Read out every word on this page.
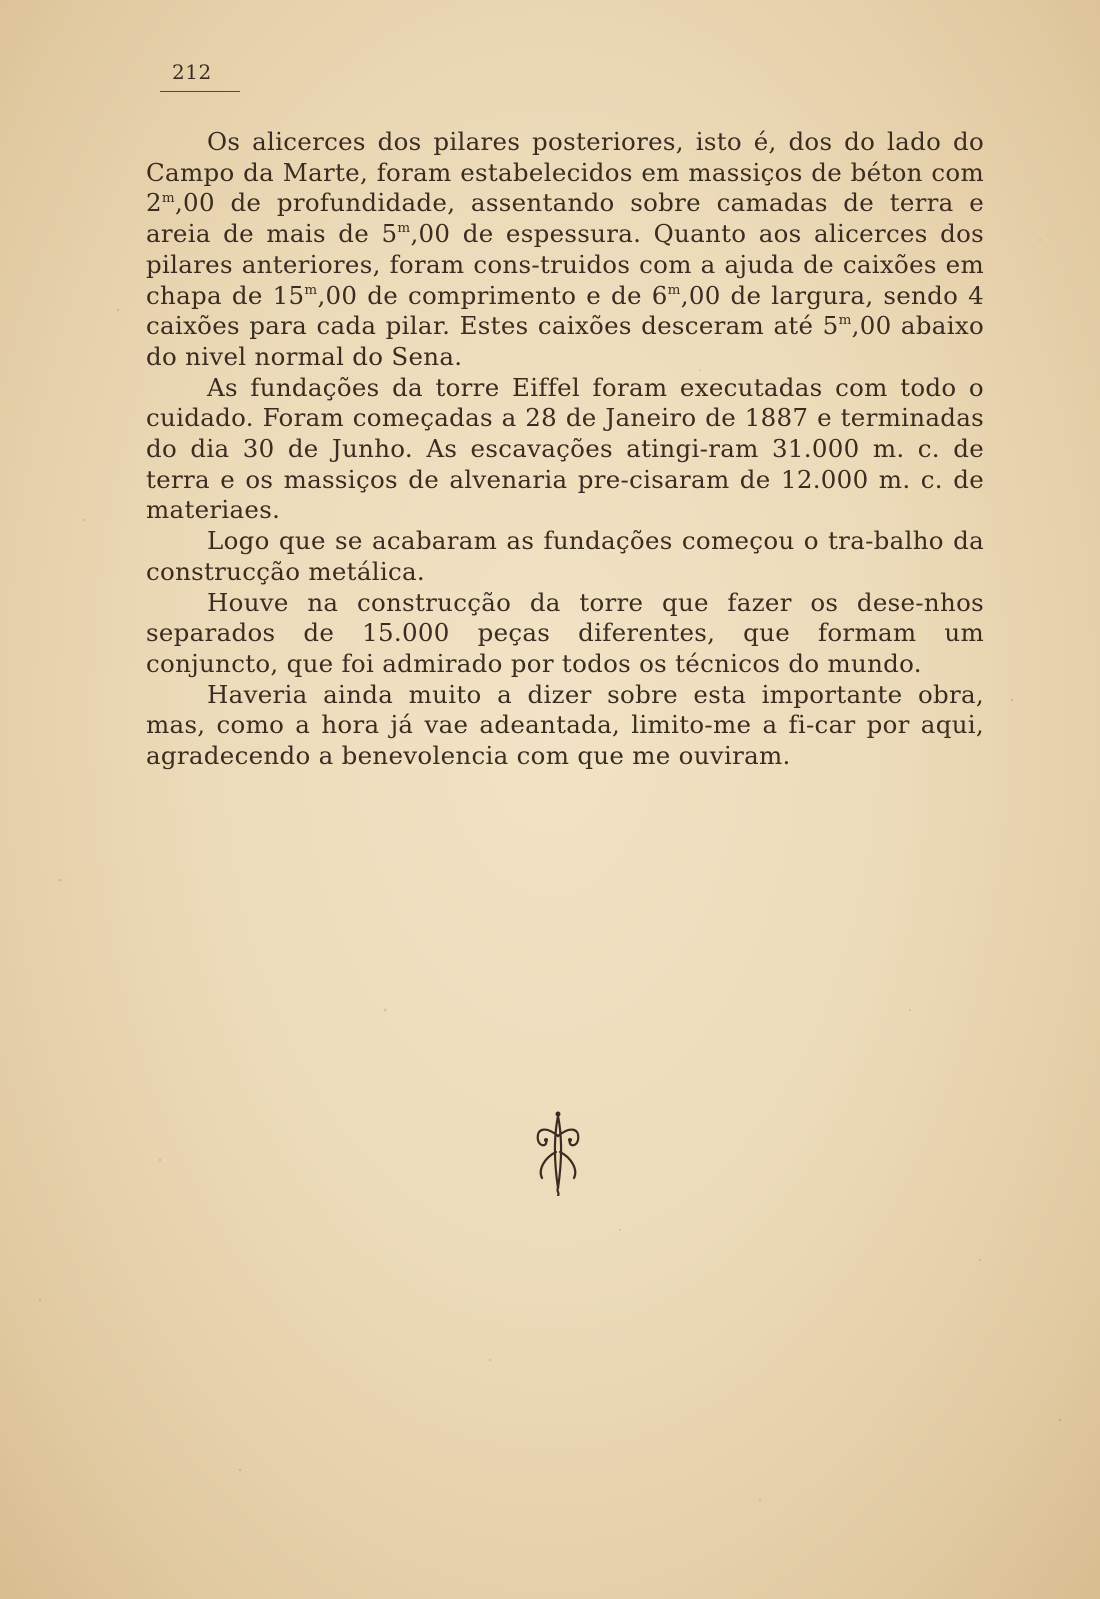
212

Os alicerces dos pilares posteriores, isto é, dos do lado do Campo da Marte, foram estabelecidos em massiços de béton com 2$^m$,00 de profundidade, assentando sobre camadas de terra e areia de mais de 5$^m$,00 de espessura. Quanto aos alicerces dos pilares anteriores, foram cons-truidos com a ajuda de caixões em chapa de 15$^m$,00 de comprimento e de 6$^m$,00 de largura, sendo 4 caixões para cada pilar. Estes caixões desceram até 5$^m$,00 abaixo do nivel normal do Sena.

As fundações da torre Eiffel foram executadas com todo o cuidado. Foram começadas a 28 de Janeiro de 1887 e terminadas do dia 30 de Junho. As escavações atingi-ram 31.000 m. c. de terra e os massiços de alvenaria pre-cisaram de 12.000 m. c. de materiaes.

Logo que se acabaram as fundações começou o tra-balho da construcção metálica.

Houve na construcção da torre que fazer os dese-nhos separados de 15.000 peças diferentes, que formam um conjuncto, que foi admirado por todos os técnicos do mundo.

Haveria ainda muito a dizer sobre esta importante obra, mas, como a hora já vae adeantada, limito-me a fi-car por aqui, agradecendo a benevolencia com que me ouviram.
